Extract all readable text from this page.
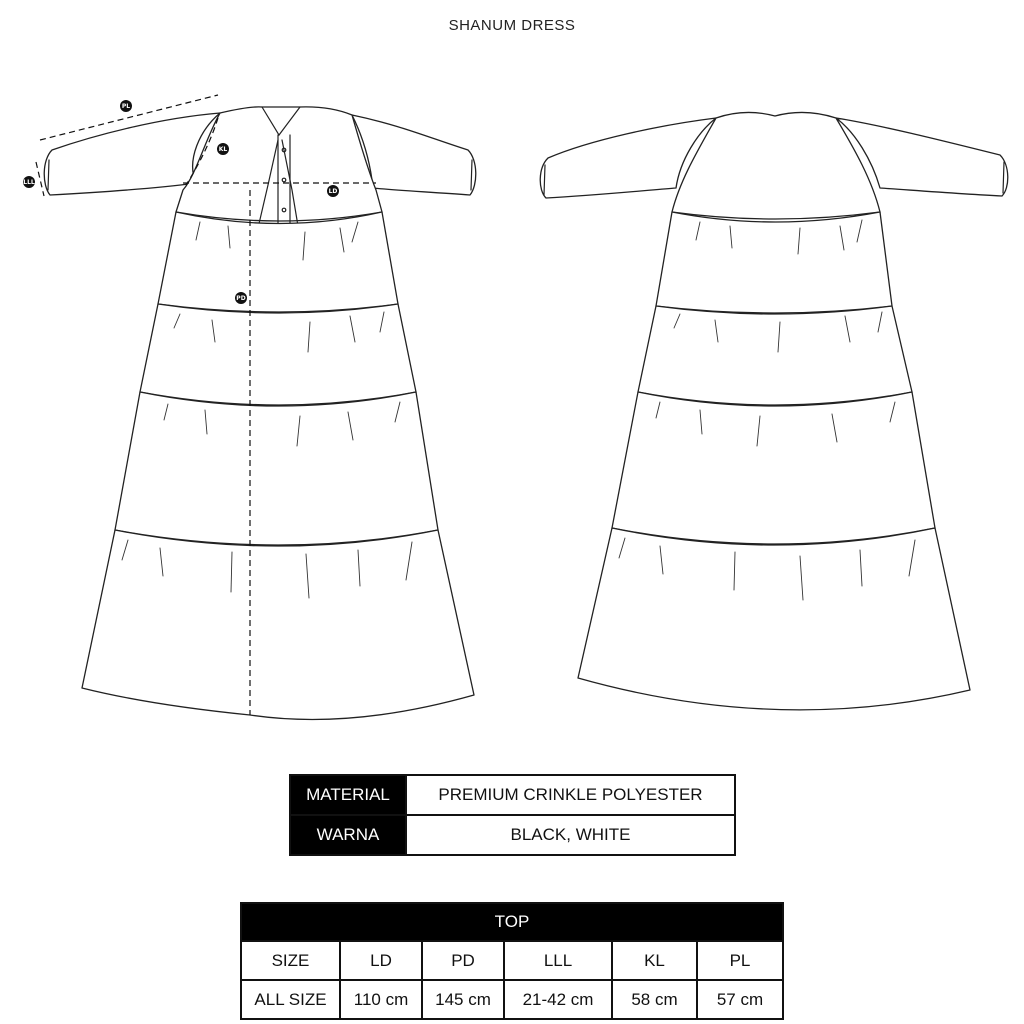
SHANUM DRESS
PL
LLL
KL
LD
PD
MATERIAL	PREMIUM CRINKLE POLYESTER
WARNA	BLACK, WHITE
TOP					
SIZE	LD	PD	LLL	KL	PL
ALL SIZE	110 cm	145 cm	21-42 cm	58 cm	57 cm
